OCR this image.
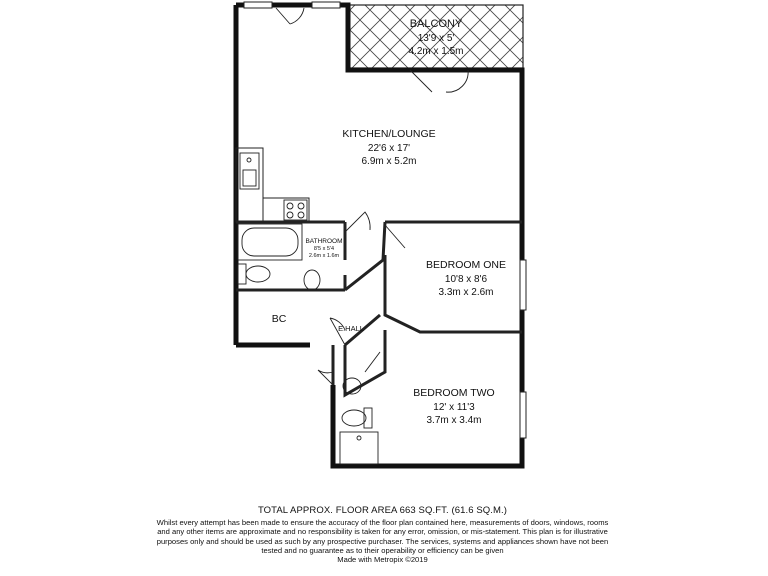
BALCONY
13'9 x 5'
4.2m x 1.5m
KITCHEN/LOUNGE
22'6 x 17'
6.9m x 5.2m
BATHROOM
8'5 x 5'4
2.6m x 1.6m
BEDROOM ONE
10'8 x 8'6
3.3m x 2.6m
BEDROOM TWO
12' x 11'3
3.7m x 3.4m
BC
E.HALL
TOTAL APPROX. FLOOR AREA 663 SQ.FT. (61.6 SQ.M.)
Whilst every attempt has been made to ensure the accuracy of the floor plan contained here, measurements of doors, windows, rooms and any other items are approximate and no responsibility is taken for any error, omission, or mis-statement. This plan is for illustrative purposes only and should be used as such by any prospective purchaser. The services, systems and appliances shown have not been tested and no guarantee as to their operability or efficiency can be given
Made with Metropix ©2019
